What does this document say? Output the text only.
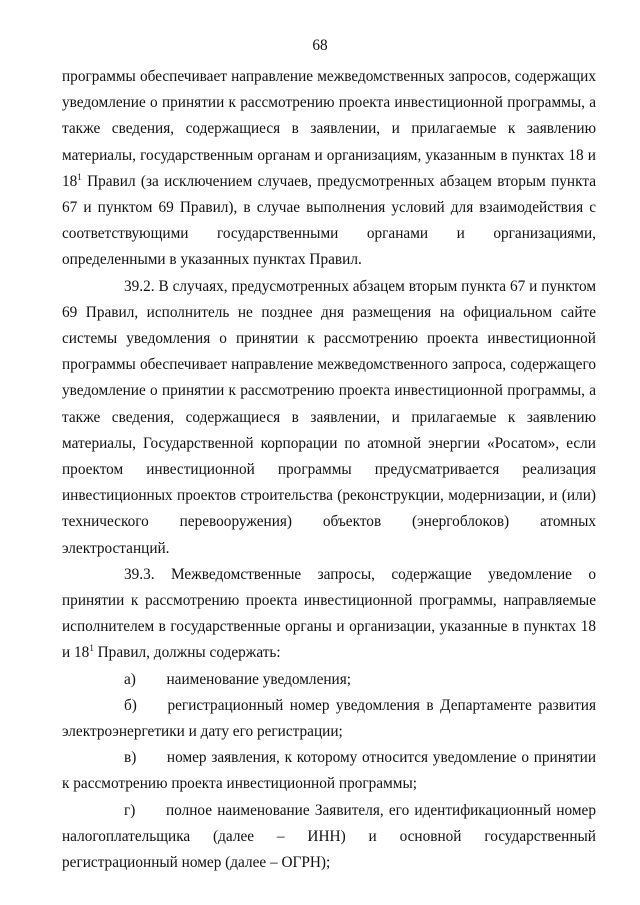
68

программы обеспечивает направление межведомственных запросов, содержащих уведомление о принятии к рассмотрению проекта инвестиционной программы, а также сведения, содержащиеся в заявлении, и прилагаемые к заявлению материалы, государственным органам и организациям, указанным в пунктах 18 и $18^1$ Правил (за исключением случаев, предусмотренных абзацем вторым пункта 67 и пунктом 69 Правил), в случае выполнения условий для взаимодействия с соответствующими государственными органами и организациями, определенными в указанных пунктах Правил.

39.2. В случаях, предусмотренных абзацем вторым пункта 67 и пунктом 69 Правил, исполнитель не позднее дня размещения на официальном сайте системы уведомления о принятии к рассмотрению проекта инвестиционной программы обеспечивает направление межведомственного запроса, содержащего уведомление о принятии к рассмотрению проекта инвестиционной программы, а также сведения, содержащиеся в заявлении, и прилагаемые к заявлению материалы, Государственной корпорации по атомной энергии «Росатом», если проектом инвестиционной программы предусматривается реализация инвестиционных проектов строительства (реконструкции, модернизации, и (или) технического перевооружения) объектов (энергоблоков) атомных электростанций.

39.3. Межведомственные запросы, содержащие уведомление о принятии к рассмотрению проекта инвестиционной программы, направляемые исполнителем в государственные органы и организации, указанные в пунктах 18 и $18^1$ Правил, должны содержать:

а)   наименование уведомления;

б)   регистрационный номер уведомления в Департаменте развития электроэнергетики и дату его регистрации;

в)   номер заявления, к которому относится уведомление о принятии к рассмотрению проекта инвестиционной программы;

г)   полное наименование Заявителя, его идентификационный номер налогоплательщика (далее – ИНН) и основной государственный регистрационный номер (далее – ОГРН);
